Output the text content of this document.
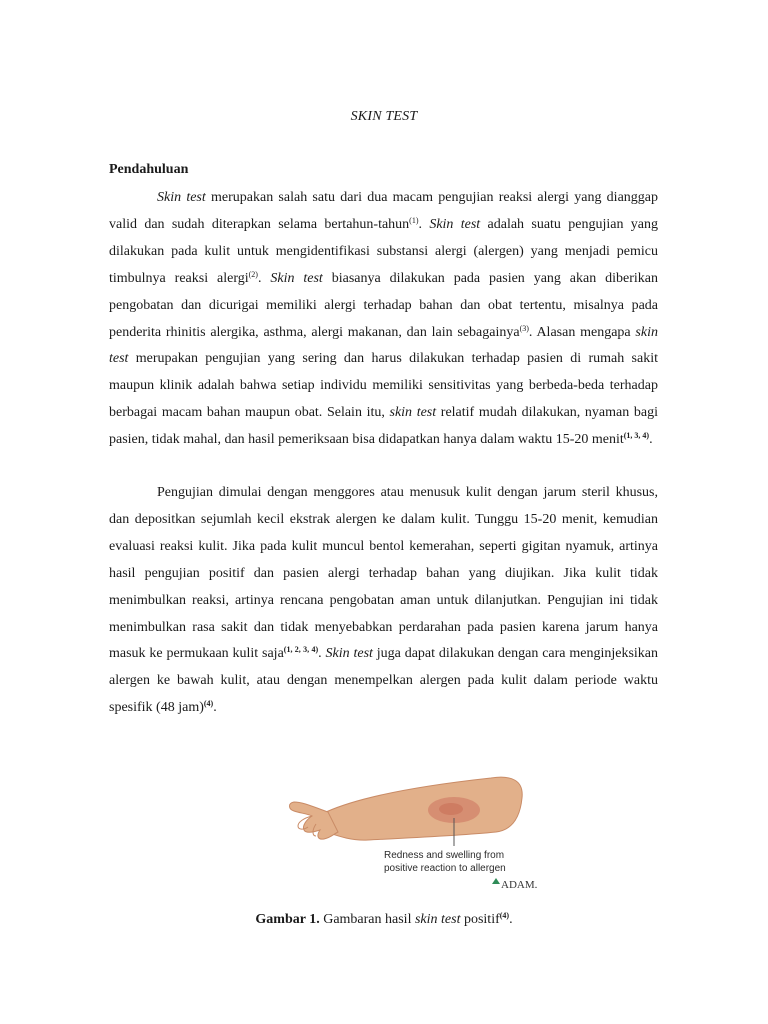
SKIN TEST
Pendahuluan

Skin test merupakan salah satu dari dua macam pengujian reaksi alergi yang dianggap valid dan sudah diterapkan selama bertahun-tahun$^{(1)}$. Skin test adalah suatu pengujian yang dilakukan pada kulit untuk mengidentifikasi substansi alergi (alergen) yang menjadi pemicu timbulnya reaksi alergi$^{(2)}$. Skin test biasanya dilakukan pada pasien yang akan diberikan pengobatan dan dicurigai memiliki alergi terhadap bahan dan obat tertentu, misalnya pada penderita rhinitis alergika, asthma, alergi makanan, dan lain sebagainya$^{(3)}$. Alasan mengapa skin test merupakan pengujian yang sering dan harus dilakukan terhadap pasien di rumah sakit maupun klinik adalah bahwa setiap individu memiliki sensitivitas yang berbeda-beda terhadap berbagai macam bahan maupun obat. Selain itu, skin test relatif mudah dilakukan, nyaman bagi pasien, tidak mahal, dan hasil pemeriksaan bisa didapatkan hanya dalam waktu 15-20 menit$^{(1, 3, 4)}$.

Pengujian dimulai dengan menggores atau menusuk kulit dengan jarum steril khusus, dan depositkan sejumlah kecil ekstrak alergen ke dalam kulit. Tunggu 15-20 menit, kemudian evaluasi reaksi kulit. Jika pada kulit muncul bentol kemerahan, seperti gigitan nyamuk, artinya hasil pengujian positif dan pasien alergi terhadap bahan yang diujikan. Jika kulit tidak menimbulkan reaksi, artinya rencana pengobatan aman untuk dilanjutkan. Pengujian ini tidak menimbulkan rasa sakit dan tidak menyebabkan perdarahan pada pasien karena jarum hanya masuk ke permukaan kulit saja$^{(1, 2, 3, 4)}$. Skin test juga dapat dilakukan dengan cara menginjeksikan alergen ke bawah kulit, atau dengan menempelkan alergen pada kulit dalam periode waktu spesifik (48 jam)$^{(4)}$.

Redness and swelling from
positive reaction to allergen
ADAM.
Gambar 1. Gambaran hasil skin test positif$^{(4)}$.
